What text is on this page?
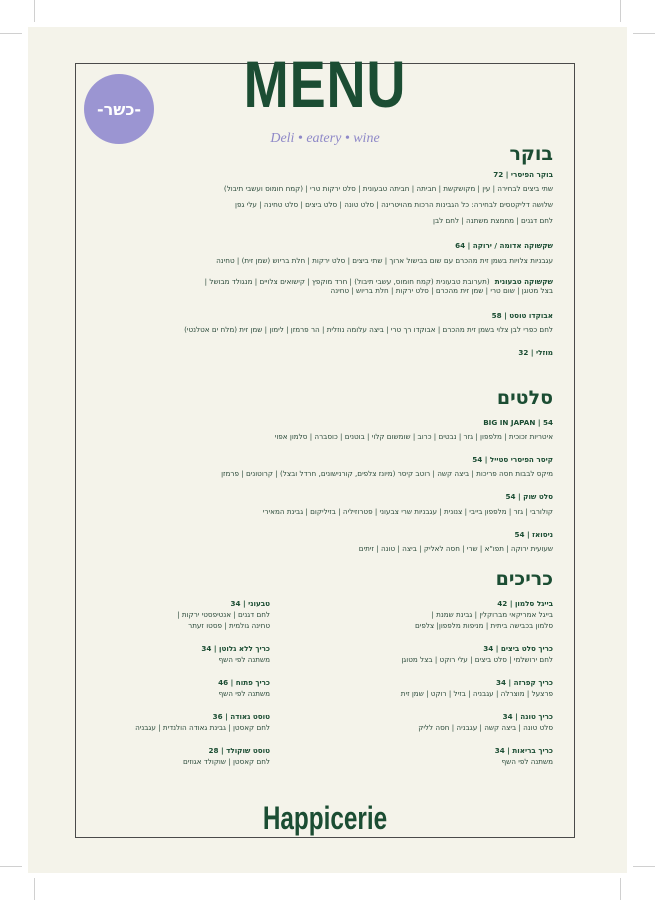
-כשר- MENU
Deli • eatery • wine
בוקר
בוקר הפיסרי | 72
שתי ביצים לבחירה | עין | מקושקשת | חביתה | חביתה טבעונית | סלט ירקות טרי | (קמח חומוס ועשבי תיבול)
שלושה דליקטסים לבחירה: כל הגבינות הרכות מהויטרינה | סלט טונה | סלט ביצים | סלט טחינה | עלי גפן
לחם דגנים | מחמצת משתנה | לחם לבן
שקשוקה אדומה / ירוקה | 64
עגבניות צלויות בשמן זית מהכרם עם שום בבישול ארוך | שתי ביצים | סלט ירקות | חלת בריוש (שמן זית) | טחינה
שקשוקה טבעונית (תערובת טבעונית (קמח חומוס, עשבי תיבול) | חרד מוקפץ | קישואים צלויים | מנגולד מבושל |
בצל מטוגן | שום טרי | שמן זית מהכרם | סלט ירקות | חלת בריוש | טחינה
אבוקדו טוסט | 58
לחם כפרי לבן צלוי בשמן זית מהכרם | אבוקדו רך טרי | ביצה עלומה נוזלית | הר פרמזן | לימון | שמן זית (מלח ים אטלנטי)
מוזלי | 32
סלטים
BIG IN JAPAN | 54
איטריות זכוכית | מלפפון | גזר | נבטים | כרוב | שומשום קלוי | בוטנים | כוסברה | סלמון אפוי
קיסר הפיסרי סטייל | 54
מיקס לבבות חסה פריכות | ביצה קשה | רוטב קיסר (מיונז צלפים, קורנישונים, חרדל ובצל) | קרוטונים | פרמזן
סלט שוק | 54
קולורבי | גזר | מלפפון בייבי | צנונית | עגבניות שרי צבעוני | פטרוזיליה | בזיליקום | גבינת המאירי
ניסואז | 54
שעועית ירוקה | תפו"א | שרי | חסה לאליק | ביצה | טונה | זיתים
כריכים
בייגל סלמון | 42
בייגל אמריקאי מברוקלין | גבינת שמנת |
סלמון בכבישה ביתית | מניפות מלפפון| צלפים
כריך סלט ביצים | 34
לחם ירושלמי | סלט ביצים | עלי רוקט | בצל מטוגן
כריך קפרזה | 34
פרצעל | מוצרלה | עגבניה | בזיל | רוקט | שמן זית
כריך טונה | 34
סלט טונה | ביצה קשה | עגבניה | חסה לליק
כריך בריאות | 34
משתנה לפי השף
טבעוני | 34
לחם דגנים | אנטיפסטי ירקות |
טחינה גולמית | פסטו זעתר
כריך ללא גלוטן | 34
משתנה לפי השף
כריך פתוח | 46
משתנה לפי השף
טוסט גאודה | 36
לחם קאסטן | גבינת גאודה הולנדית | עגבניה
טוסט שוקולד | 28
לחם קאסטן | שוקולד אגוזים
Happicerie
